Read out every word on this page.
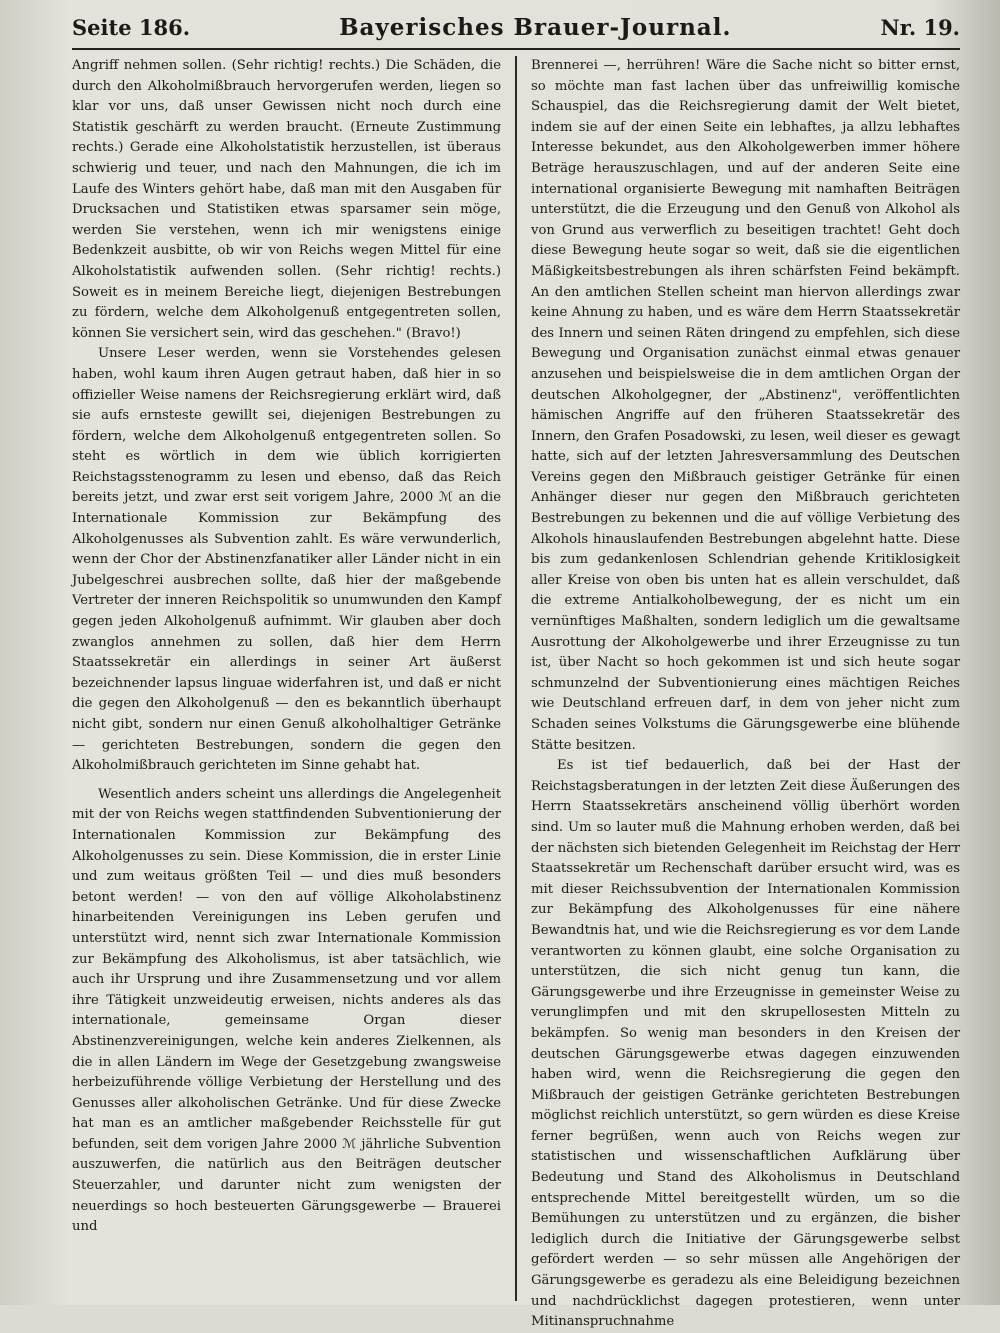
Seite 186.	Bayerisches Brauer-Journal.	Nr. 19.

Angriff nehmen sollen. (Sehr richtig! rechts.) Die Schäden, die durch den Alkoholmißbrauch hervorgerufen werden, liegen so klar vor uns, daß unser Gewissen nicht noch durch eine Statistik geschärft zu werden braucht. (Erneute Zustimmung rechts.) Gerade eine Alkoholstatistik herzustellen, ist überaus schwierig und teuer, und nach den Mahnungen, die ich im Laufe des Winters gehört habe, daß man mit den Ausgaben für Drucksachen und Statistiken etwas sparsamer sein möge, werden Sie verstehen, wenn ich mir wenigstens einige Bedenkzeit ausbitte, ob wir von Reichs wegen Mittel für eine Alkoholstatistik aufwenden sollen. (Sehr richtig! rechts.) Soweit es in meinem Bereiche liegt, diejenigen Bestrebungen zu fördern, welche dem Alkoholgenuß entgegentreten sollen, können Sie versichert sein, wird das geschehen." (Bravo!)

Unsere Leser werden, wenn sie Vorstehendes gelesen haben, wohl kaum ihren Augen getraut haben, daß hier in so offizieller Weise namens der Reichsregierung erklärt wird, daß sie aufs ernsteste gewillt sei, diejenigen Bestrebungen zu fördern, welche dem Alkoholgenuß entgegentreten sollen. So steht es wörtlich in dem wie üblich korrigierten Reichstagsstenogramm zu lesen und ebenso, daß das Reich bereits jetzt, und zwar erst seit vorigem Jahre, 2000 ℳ an die Internationale Kommission zur Bekämpfung des Alkoholgenusses als Subvention zahlt. Es wäre verwunderlich, wenn der Chor der Abstinenzfanatiker aller Länder nicht in ein Jubelgeschrei ausbrechen sollte, daß hier der maßgebende Vertreter der inneren Reichspolitik so unumwunden den Kampf gegen jeden Alkoholgenuß aufnimmt. Wir glauben aber doch zwanglos annehmen zu sollen, daß hier dem Herrn Staatssekretär ein allerdings in seiner Art äußerst bezeichnender lapsus linguae widerfahren ist, und daß er nicht die gegen den Alkoholgenuß — den es bekanntlich überhaupt nicht gibt, sondern nur einen Genuß alkoholhaltiger Getränke — gerichteten Bestrebungen, sondern die gegen den Alkoholmißbrauch gerichteten im Sinne gehabt hat.

Wesentlich anders scheint uns allerdings die Angelegenheit mit der von Reichs wegen stattfindenden Subventionierung der Internationalen Kommission zur Bekämpfung des Alkoholgenusses zu sein. Diese Kommission, die in erster Linie und zum weitaus größten Teil — und dies muß besonders betont werden! — von den auf völlige Alkoholabstinenz hinarbeitenden Vereinigungen ins Leben gerufen und unterstützt wird, nennt sich zwar Internationale Kommission zur Bekämpfung des Alkoholismus, ist aber tatsächlich, wie auch ihr Ursprung und ihre Zusammensetzung und vor allem ihre Tätigkeit unzweideutig erweisen, nichts anderes als das internationale, gemeinsame Organ dieser Abstinenzvereinigungen, welche kein anderes Zielkennen, als die in allen Ländern im Wege der Gesetzgebung zwangsweise herbeizuführende völlige Verbietung der Herstellung und des Genusses aller alkoholischen Getränke. Und für diese Zwecke hat man es an amtlicher maßgebender Reichsstelle für gut befunden, seit dem vorigen Jahre 2000 ℳ jährliche Subvention auszuwerfen, die natürlich aus den Beiträgen deutscher Steuerzahler, und darunter nicht zum wenigsten der neuerdings so hoch besteuerten Gärungsgewerbe — Brauerei und

Brennerei —, herrühren! Wäre die Sache nicht so bitter ernst, so möchte man fast lachen über das unfreiwillig komische Schauspiel, das die Reichsregierung damit der Welt bietet, indem sie auf der einen Seite ein lebhaftes, ja allzu lebhaftes Interesse bekundet, aus den Alkoholgewerben immer höhere Beträge herauszuschlagen, und auf der anderen Seite eine international organisierte Bewegung mit namhaften Beiträgen unterstützt, die die Erzeugung und den Genuß von Alkohol als von Grund aus verwerflich zu beseitigen trachtet! Geht doch diese Bewegung heute sogar so weit, daß sie die eigentlichen Mäßigkeitsbestrebungen als ihren schärfsten Feind bekämpft. An den amtlichen Stellen scheint man hiervon allerdings zwar keine Ahnung zu haben, und es wäre dem Herrn Staatssekretär des Innern und seinen Räten dringend zu empfehlen, sich diese Bewegung und Organisation zunächst einmal etwas genauer anzusehen und beispielsweise die in dem amtlichen Organ der deutschen Alkoholgegner, der „Abstinenz", veröffentlichten hämischen Angriffe auf den früheren Staatssekretär des Innern, den Grafen Posadowski, zu lesen, weil dieser es gewagt hatte, sich auf der letzten Jahresversammlung des Deutschen Vereins gegen den Mißbrauch geistiger Getränke für einen Anhänger dieser nur gegen den Mißbrauch gerichteten Bestrebungen zu bekennen und die auf völlige Verbietung des Alkohols hinauslaufenden Bestrebungen abgelehnt hatte. Diese bis zum gedankenlosen Schlendrian gehende Kritiklosigkeit aller Kreise von oben bis unten hat es allein verschuldet, daß die extreme Antialkoholbewegung, der es nicht um ein vernünftiges Maßhalten, sondern lediglich um die gewaltsame Ausrottung der Alkoholgewerbe und ihrer Erzeugnisse zu tun ist, über Nacht so hoch gekommen ist und sich heute sogar schmunzelnd der Subventionierung eines mächtigen Reiches wie Deutschland erfreuen darf, in dem von jeher nicht zum Schaden seines Volkstums die Gärungsgewerbe eine blühende Stätte besitzen.

Es ist tief bedauerlich, daß bei der Hast der Reichstagsberatungen in der letzten Zeit diese Äußerungen des Herrn Staatssekretärs anscheinend völlig überhört worden sind. Um so lauter muß die Mahnung erhoben werden, daß bei der nächsten sich bietenden Gelegenheit im Reichstag der Herr Staatssekretär um Rechenschaft darüber ersucht wird, was es mit dieser Reichssubvention der Internationalen Kommission zur Bekämpfung des Alkoholgenusses für eine nähere Bewandtnis hat, und wie die Reichsregierung es vor dem Lande verantworten zu können glaubt, eine solche Organisation zu unterstützen, die sich nicht genug tun kann, die Gärungsgewerbe und ihre Erzeugnisse in gemeinster Weise zu verunglimpfen und mit den skrupellosesten Mitteln zu bekämpfen. So wenig man besonders in den Kreisen der deutschen Gärungsgewerbe etwas dagegen einzuwenden haben wird, wenn die Reichsregierung die gegen den Mißbrauch der geistigen Getränke gerichteten Bestrebungen möglichst reichlich unterstützt, so gern würden es diese Kreise ferner begrüßen, wenn auch von Reichs wegen zur statistischen und wissenschaftlichen Aufklärung über Bedeutung und Stand des Alkoholismus in Deutschland entsprechende Mittel bereitgestellt würden, um so die Bemühungen zu unterstützen und zu ergänzen, die bisher lediglich durch die Initiative der Gärungsgewerbe selbst gefördert werden — so sehr müssen alle Angehörigen der Gärungsgewerbe es geradezu als eine Beleidigung bezeichnen und nachdrücklichst dagegen protestieren, wenn unter Mitinanspruchnahme
